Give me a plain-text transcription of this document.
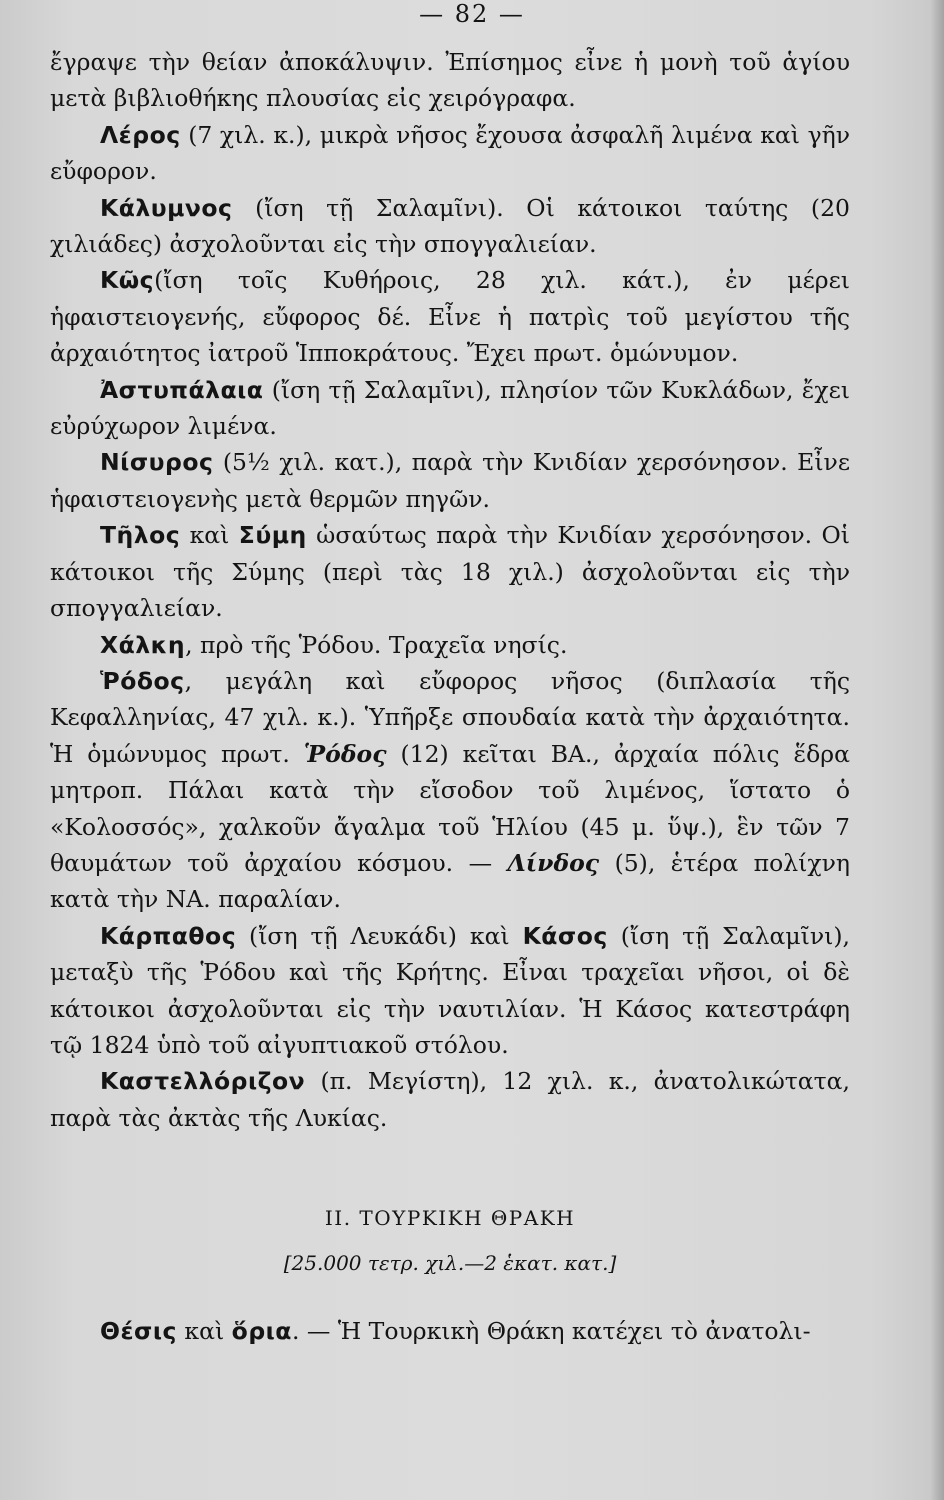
— 82 —

ἔγραψε τὴν θείαν ἀποκάλυψιν. Ἐπίσημος εἶνε ἡ μονὴ τοῦ ἁγίου μετὰ βιβλιοθήκης πλουσίας εἰς χειρόγραφα.

Λέρος (7 χιλ. κ.), μικρὰ νῆσος ἔχουσα ἀσφαλῆ λιμένα καὶ γῆν εὔφορον.

Κάλυμνος (ἴση τῇ Σαλαμῖνι). Οἱ κάτοικοι ταύτης (20 χιλιάδες) ἀσχολοῦνται εἰς τὴν σπογγαλιείαν.

Κῶς(ἴση τοῖς Κυθήροις, 28 χιλ. κάτ.), ἐν μέρει ἡφαιστειογενής, εὔφορος δέ. Εἶνε ἡ πατρὶς τοῦ μεγίστου τῆς ἀρχαιότητος ἰατροῦ Ἱπποκράτους. Ἔχει πρωτ. ὁμώνυμον.

Ἀστυπάλαια (ἴση τῇ Σαλαμῖνι), πλησίον τῶν Κυκλάδων, ἔχει εὐρύχωρον λιμένα.

Νίσυρος (5½ χιλ. κατ.), παρὰ τὴν Κνιδίαν χερσόνησον. Εἶνε ἡφαιστειογενὴς μετὰ θερμῶν πηγῶν.

Τῆλος καὶ Σύμη ὡσαύτως παρὰ τὴν Κνιδίαν χερσόνησον. Οἱ κάτοικοι τῆς Σύμης (περὶ τὰς 18 χιλ.) ἀσχολοῦνται εἰς τὴν σπογγαλιείαν.

Χάλκη, πρὸ τῆς Ῥόδου. Τραχεῖα νησίς.

Ῥόδος, μεγάλη καὶ εὔφορος νῆσος (διπλασία τῆς Κεφαλληνίας, 47 χιλ. κ.). Ὑπῆρξε σπουδαία κατὰ τὴν ἀρχαιότητα. Ἡ ὁμώνυμος πρωτ. Ῥόδος (12) κεῖται ΒΑ., ἀρχαία πόλις ἕδρα μητροπ. Πάλαι κατὰ τὴν εἴσοδον τοῦ λιμένος, ἵστατο ὁ «Κολοσσός», χαλκοῦν ἄγαλμα τοῦ Ἡλίου (45 μ. ὕψ.), ἓν τῶν 7 θαυμάτων τοῦ ἀρχαίου κόσμου. — Λίνδος (5), ἑτέρα πολίχνη κατὰ τὴν ΝΑ. παραλίαν.

Κάρπαθος (ἴση τῇ Λευκάδι) καὶ Κάσος (ἴση τῇ Σαλαμῖνι), μεταξὺ τῆς Ῥόδου καὶ τῆς Κρήτης. Εἶναι τραχεῖαι νῆσοι, οἱ δὲ κάτοικοι ἀσχολοῦνται εἰς τὴν ναυτιλίαν. Ἡ Κάσος κατεστράφη τῷ 1824 ὑπὸ τοῦ αἰγυπτιακοῦ στόλου.

Καστελλόριζον (π. Μεγίστη), 12 χιλ. κ., ἀνατολικώτατα, παρὰ τὰς ἀκτὰς τῆς Λυκίας.

II. ΤΟΥΡΚΙΚΗ ΘΡΑΚΗ

[25.000 τετρ. χιλ.—2 ἑκατ. κατ.]

Θέσις καὶ ὅρια. — Ἡ Τουρκικὴ Θράκη κατέχει τὸ ἀνατολι-
